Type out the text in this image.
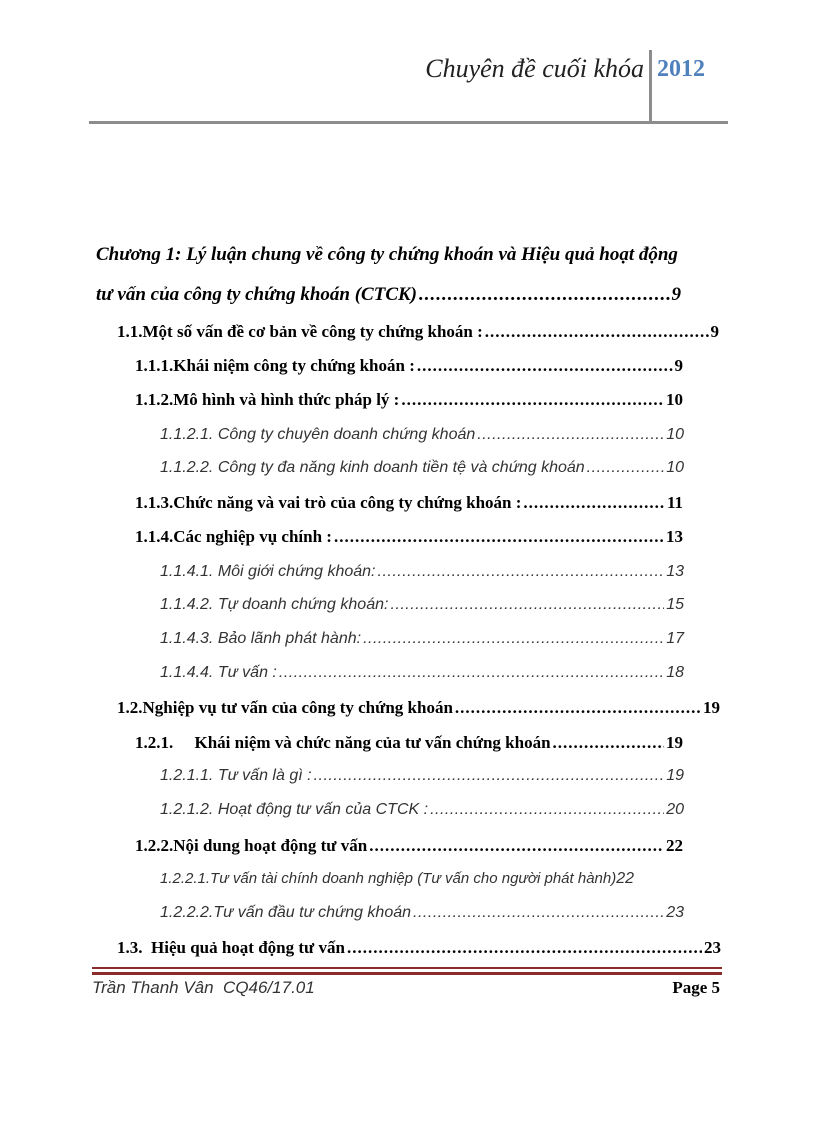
Chuyên đề cuối khóa 2012
Chương 1: Lý luận chung về công ty chứng khoán và Hiệu quả hoạt động
tư vấn của công ty chứng khoán (CTCK) .....	9
1.1.Một số vấn đề cơ bản về công ty chứng khoán : .....	9
1.1.1.Khái niệm công ty chứng khoán : .....	9
1.1.2.Mô hình và hình thức pháp lý : .....	10
1.1.2.1. Công ty chuyên doanh chứng khoán .....	10
1.1.2.2. Công ty đa năng kinh doanh tiền tệ và chứng khoán .....	10
1.1.3.Chức năng và vai trò của công ty chứng khoán : .....	11
1.1.4.Các nghiệp vụ chính : .....	13
1.1.4.1. Môi giới chứng khoán: .....	13
1.1.4.2. Tự doanh chứng khoán: .....	15
1.1.4.3. Bảo lãnh phát hành: .....	17
1.1.4.4. Tư vấn : .....	18
1.2.Nghiệp vụ tư vấn của công ty chứng khoán .....	19
1.2.1.     Khái niệm và chức năng của tư vấn chứng khoán .....	19
1.2.1.1. Tư vấn là gì : .....	19
1.2.1.2. Hoạt động tư vấn của CTCK : .....	20
1.2.2.Nội dung hoạt động tư vấn .....	22
1.2.2.1.Tư vấn tài chính doanh nghiệp (Tư vấn cho người phát hành) 22
1.2.2.2.Tư vấn đầu tư chứng khoán .....	23
1.3.  Hiệu quả hoạt động tư vấn .....	23
Trần Thanh Vân  CQ46/17.01	Page 5
